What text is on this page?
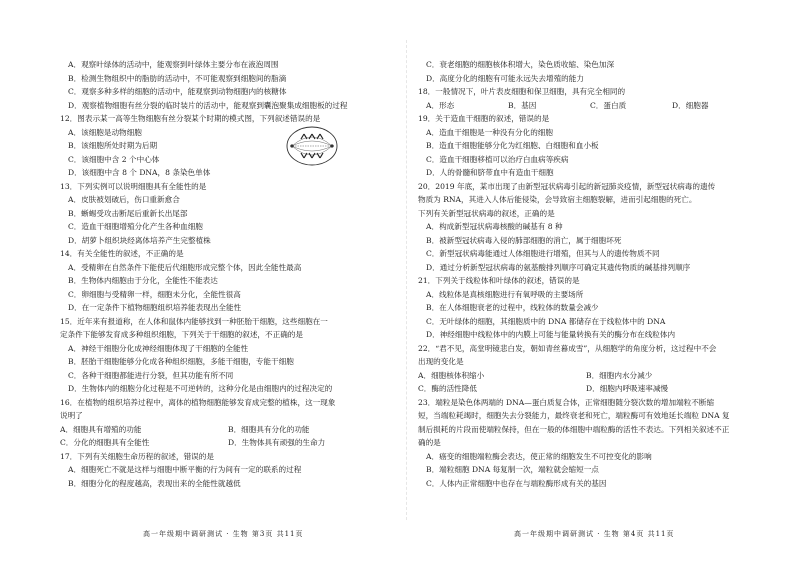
A．观察叶绿体的活动中，能观察到叶绿体主要分布在液泡周围

B．检测生物组织中的脂肪的活动中，不可能观察到细胞间的脂滴

C．观察多种多样的细胞的活动中，能观察到动物细胞内的核糖体

D．观察植物细胞有丝分裂的临时装片的活动中，能观察到囊泡聚集成细胞板的过程

12．图表示某一高等生物细胞有丝分裂某个时期的模式图，下列叙述错误的是

A．该细胞是动物细胞

B．该细胞所处时期为后期

C．该细胞中含 2 个中心体

D．该细胞中含 8 个 DNA，8 条染色单体

13．下列实例可以说明细胞具有全能性的是

A．皮肤被划破后，伤口重新愈合

B．蜥蜴受攻击断尾后重新长出尾部

C．造血干细胞增殖分化产生各种血细胞

D．胡萝卜组织块经离体培养产生完整植株

14．有关全能性的叙述，不正确的是

A．受精卵在自然条件下能使后代细胞形成完整个体，因此全能性最高

B．生物体内细胞由于分化，全能性不能表达

C．卵细胞与受精卵一样，细胞未分化，全能性很高

D．在一定条件下植物细胞组织培养能表现出全能性

15．近年来有报道称，在人体和鼠体内能够找到一种胚胎干细胞，这些细胞在一

定条件下能够发育成多种组织细胞，下列关于干细胞的叙述，不正确的是

A．神经干细胞分化成神经细胞体现了干细胞的全能性

B．胚胎干细胞能够分化成各种组织细胞，多能干细胞，专能干细胞

C．各种干细胞都能进行分裂，但其功能有所不同

D．生物体内的细胞分化过程是不可逆转的，这种分化是由细胞内的过程决定的

16．在植物的组织培养过程中，离体的植物细胞能够发育成完整的植株，这一现象

说明了

A．细胞具有增殖的功能	B．细胞具有分化的功能

C．分化的细胞具有全能性	D．生物体具有顽强的生命力

17．下列有关细胞生命历程的叙述，错误的是

A．细胞死亡不就是这样与细胞中断平衡的行为间有一定的联系的过程

B．细胞分化的程度越高，表现出来的全能性就越低

C．衰老细胞的细胞核体积增大，染色质收缩、染色加深

D．高度分化的细胞有可能永远失去增殖的能力

18．一般情况下，叶片表皮细胞和保卫细胞，具有完全相同的

A．形态	B．基因	C．蛋白质	D．细胞器

19．关于造血干细胞的叙述，错误的是

A．造血干细胞是一种没有分化的细胞

B．造血干细胞能够分化为红细胞、白细胞和血小板

C．造血干细胞移植可以治疗白血病等疾病

D．人的骨髓和脐带血中有造血干细胞

20．2019 年底，某市出现了由新型冠状病毒引起的新冠肺炎疫情，新型冠状病毒的遗传

物质为 RNA，其进入人体后能侵染，会导致宿主细胞裂解，进而引起细胞的死亡。

下列有关新型冠状病毒的叙述，正确的是

A．构成新型冠状病毒核酸的碱基有 8 种

B．被新型冠状病毒入侵的肺部细胞的消亡，属于细胞坏死

C．新型冠状病毒能通过人体细胞进行增殖，但其与人的遗传物质不同

D．通过分析新型冠状病毒的氨基酸排列顺序可确定其遗传物质的碱基排列顺序

21．下列关于线粒体和叶绿体的叙述，错误的是

A．线粒体是真核细胞进行有氧呼吸的主要场所

B．在人体细胞衰老的过程中，线粒体的数量会减少

C．无叶绿体的细胞，其细胞质中的 DNA 都储存在于线粒体中的 DNA

D．神经细胞中线粒体中的内膜上可能与能量转换有关的酶分布在线粒体内

22．“君不见，高堂明镜悲白发，朝如青丝暮成雪”，从细胞学的角度分析，这过程中不会

出现的变化是

A．细胞核体积缩小	B．细胞内水分减少

C．酶的活性降低	D．细胞内呼吸速率减慢

23．端粒是染色体两端的 DNA—蛋白质复合体，正常细胞随分裂次数的增加端粒不断缩

短，当端粒耗竭时，细胞失去分裂能力，最终衰老和死亡，端粒酶可有效地延长端粒 DNA 复

制后损耗的片段而使端粒保持，但在一般的体细胞中端粒酶的活性不表达。下列相关叙述不正

确的是

A．癌变的细胞端粒酶会表达，使正常的细胞发生不可控变化的影响

B．端粒细胞 DNA 每复制一次，端粒就会缩短一点

C．人体内正常细胞中也存在与端粒酶形成有关的基因

高一年级期中调研测试 · 生物 第3页 共11页	高一年级期中调研测试 · 生物 第4页 共11页
